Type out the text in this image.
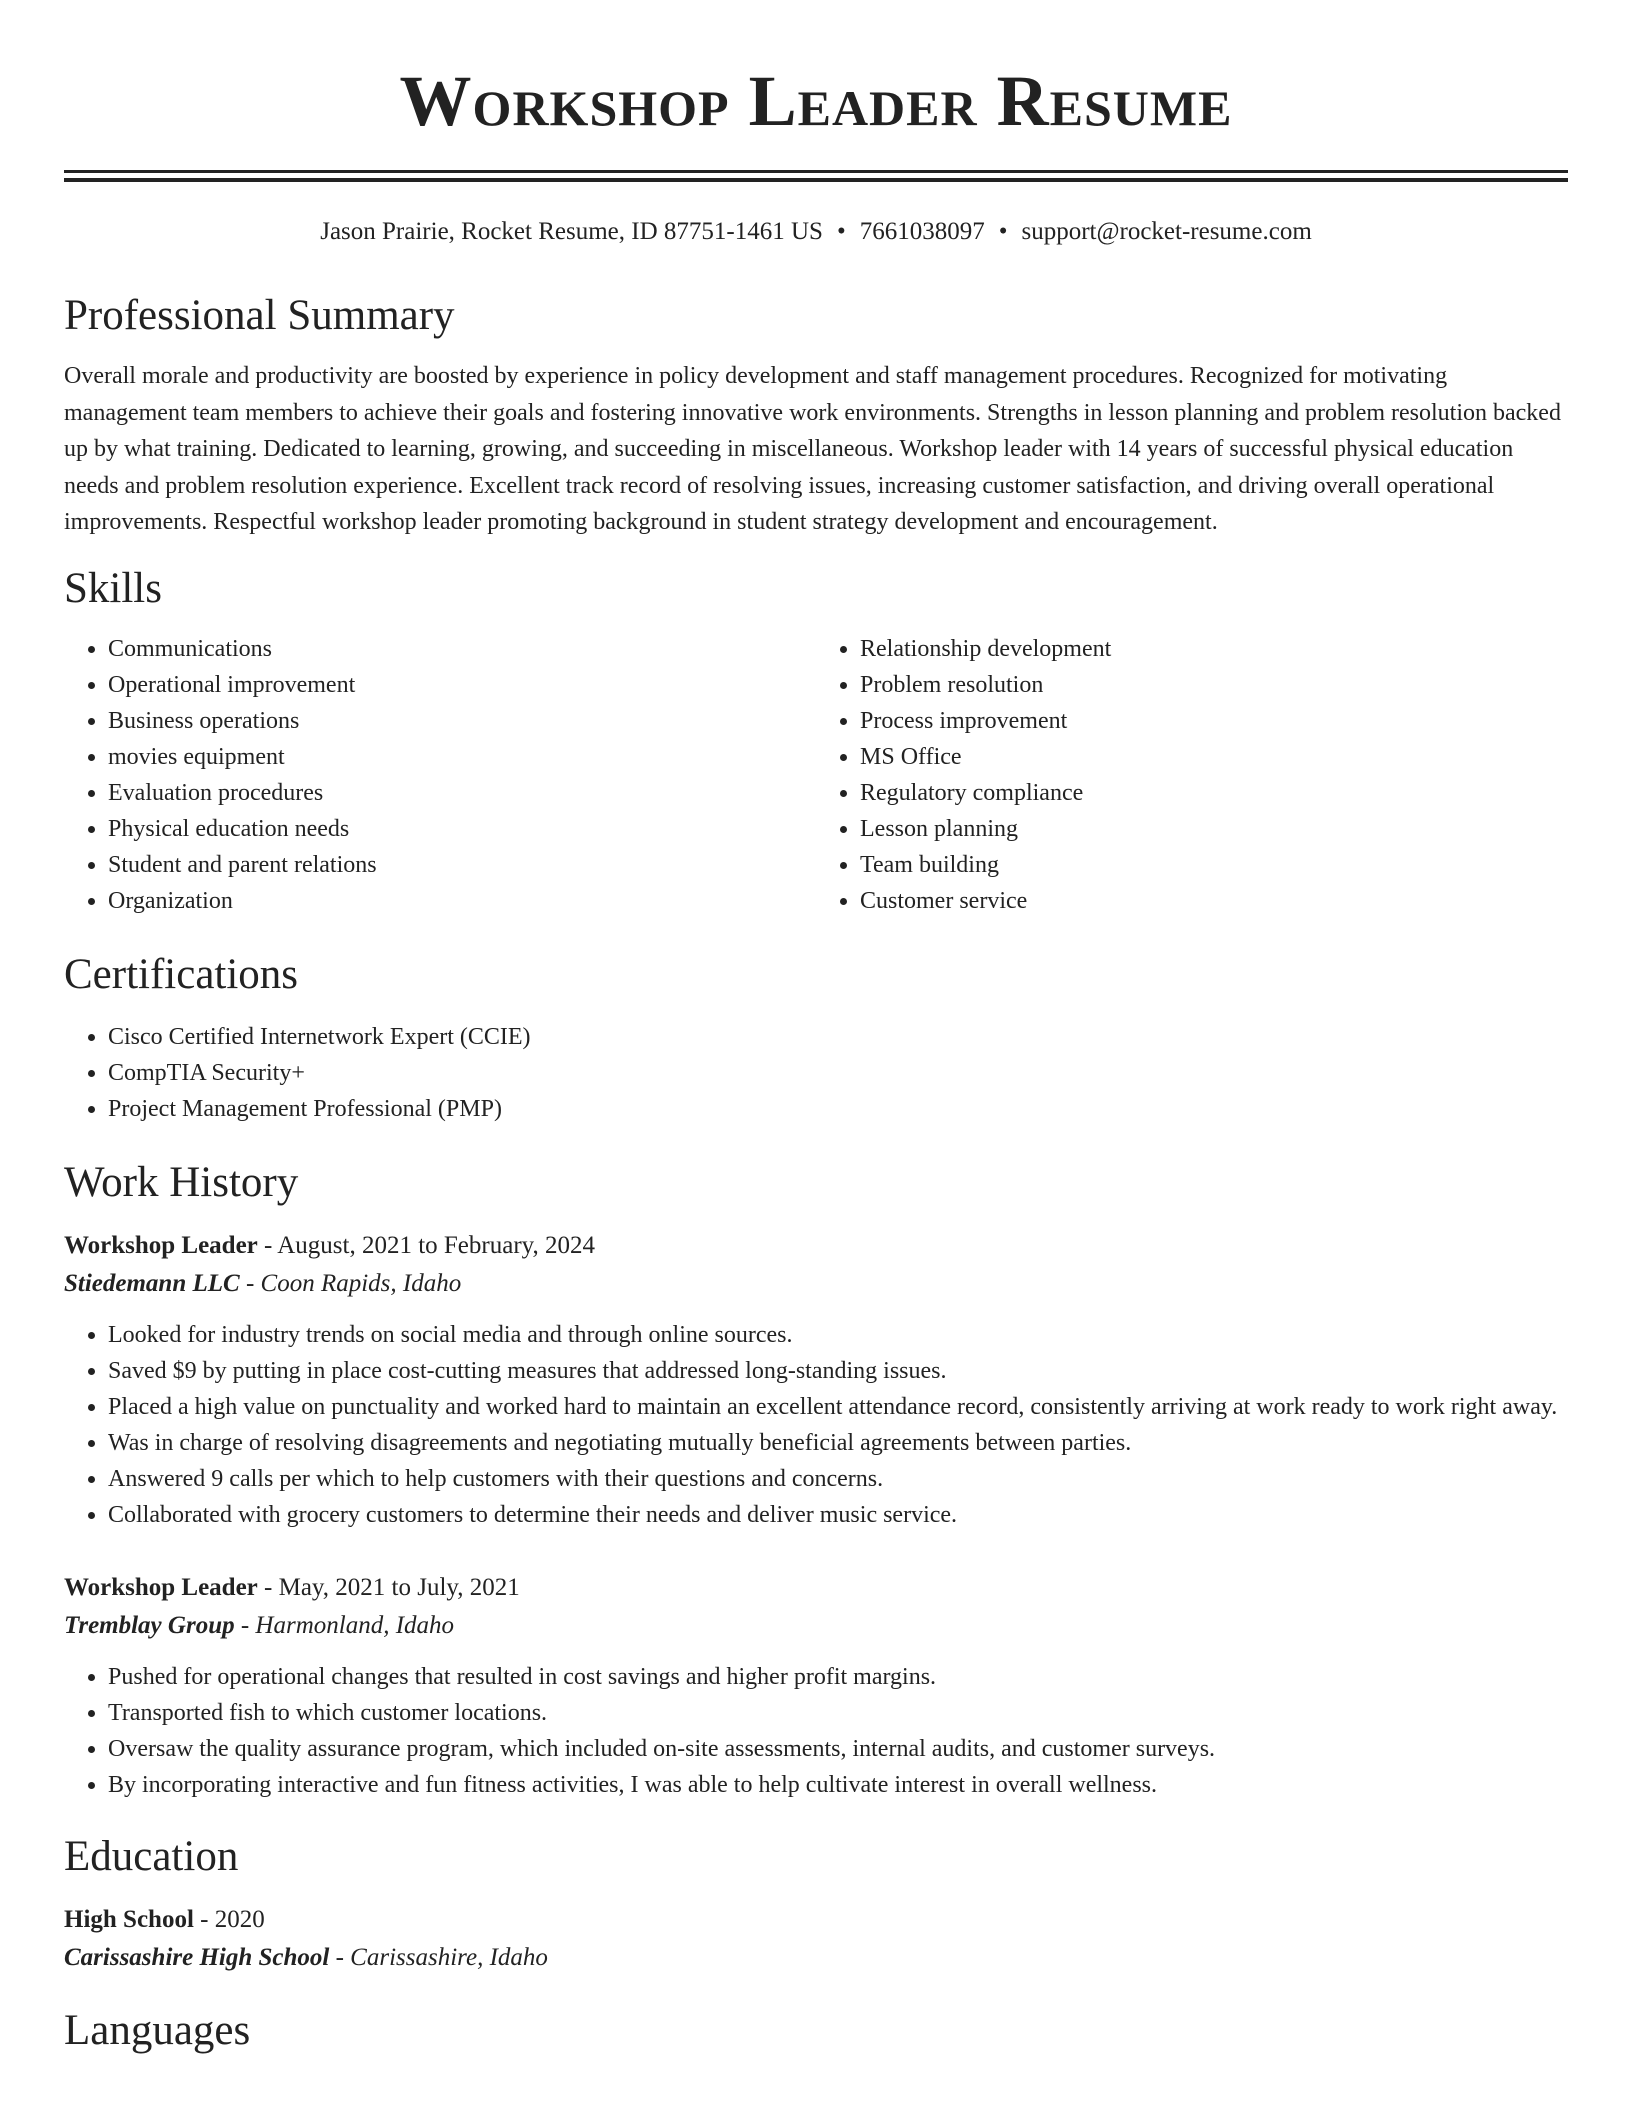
Workshop Leader Resume
Jason Prairie, Rocket Resume, ID 87751-1461 US • 7661038097 • support@rocket-resume.com
Professional Summary

Overall morale and productivity are boosted by experience in policy development and staff management procedures. Recognized for motivating management team members to achieve their goals and fostering innovative work environments. Strengths in lesson planning and problem resolution backed up by what training. Dedicated to learning, growing, and succeeding in miscellaneous. Workshop leader with 14 years of successful physical education needs and problem resolution experience. Excellent track record of resolving issues, increasing customer satisfaction, and driving overall operational improvements. Respectful workshop leader promoting background in student strategy development and encouragement.

Skills
• Communications
• Operational improvement
• Business operations
• movies equipment
• Evaluation procedures
• Physical education needs
• Student and parent relations
• Organization
• Relationship development
• Problem resolution
• Process improvement
• MS Office
• Regulatory compliance
• Lesson planning
• Team building
• Customer service
Certifications
• Cisco Certified Internetwork Expert (CCIE)
• CompTIA Security+
• Project Management Professional (PMP)
Work History
Workshop Leader - August, 2021 to February, 2024
Stiedemann LLC - Coon Rapids, Idaho
• Looked for industry trends on social media and through online sources.
• Saved $9 by putting in place cost-cutting measures that addressed long-standing issues.
• Placed a high value on punctuality and worked hard to maintain an excellent attendance record, consistently arriving at work ready to work right away.
• Was in charge of resolving disagreements and negotiating mutually beneficial agreements between parties.
• Answered 9 calls per which to help customers with their questions and concerns.
• Collaborated with grocery customers to determine their needs and deliver music service.
Workshop Leader - May, 2021 to July, 2021
Tremblay Group - Harmonland, Idaho
• Pushed for operational changes that resulted in cost savings and higher profit margins.
• Transported fish to which customer locations.
• Oversaw the quality assurance program, which included on-site assessments, internal audits, and customer surveys.
• By incorporating interactive and fun fitness activities, I was able to help cultivate interest in overall wellness.
Education
High School - 2020
Carissashire High School - Carissashire, Idaho
Languages
